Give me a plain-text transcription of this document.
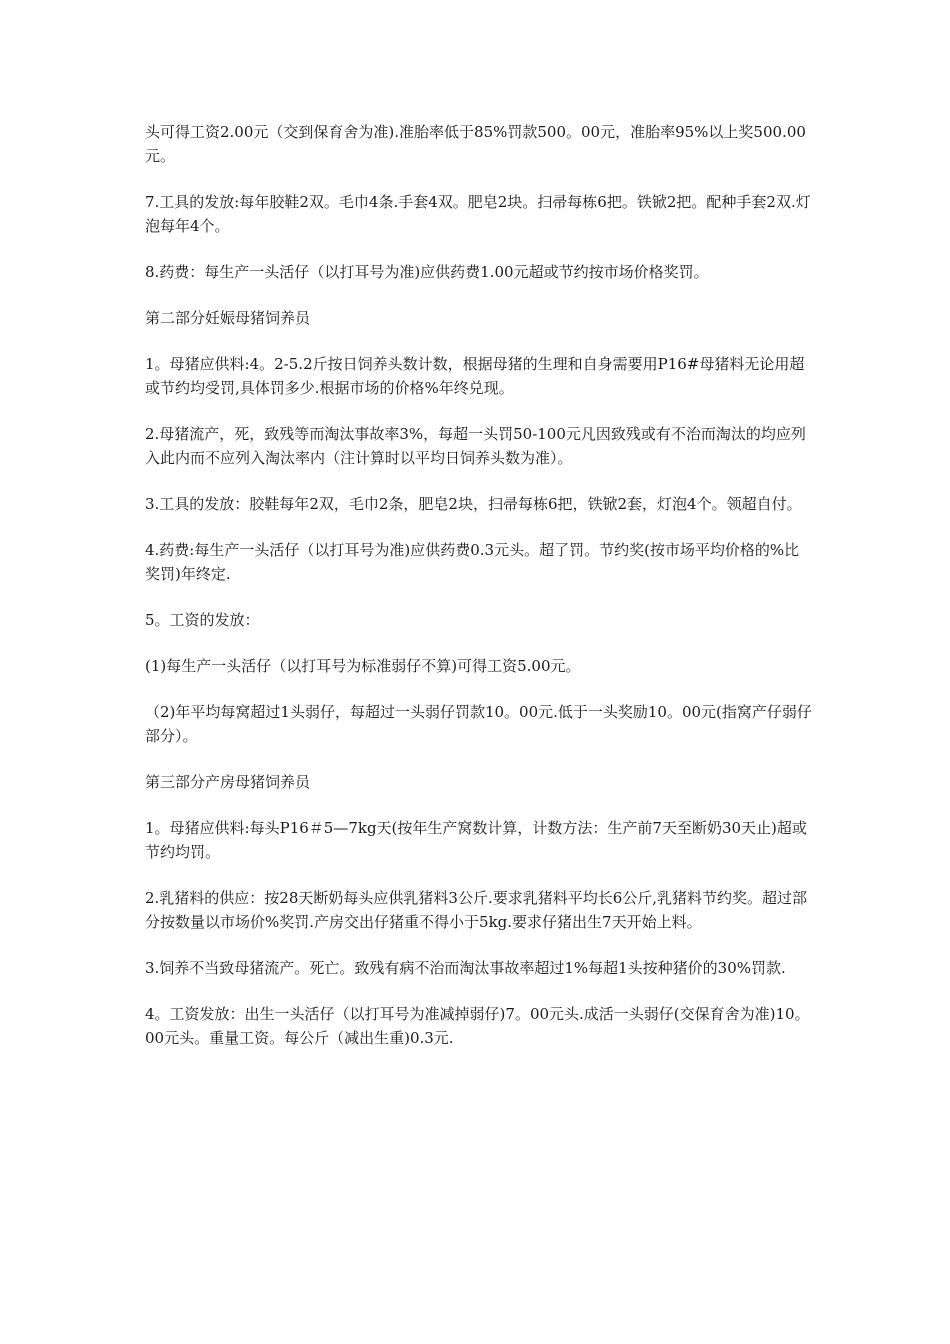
头可得工资2.00元（交到保育舍为准).准胎率低于85%罚款500。00元，准胎率95%以上奖500.00元。

7.工具的发放:每年胶鞋2双。毛巾4条.手套4双。肥皂2块。扫帚每栋6把。铁锨2把。配种手套2双.灯泡每年4个。

8.药费：每生产一头活仔（以打耳号为准)应供药费1.00元超或节约按市场价格奖罚。

第二部分妊娠母猪饲养员

1。母猪应供料:4。2-5.2斤按日饲养头数计数，根据母猪的生理和自身需要用P16#母猪料无论用超或节约均受罚,具体罚多少.根据市场的价格%年终兑现。

2.母猪流产，死，致残等而淘汰事故率3%，每超一头罚50-100元凡因致残或有不治而淘汰的均应列入此内而不应列入淘汰率内（注计算时以平均日饲养头数为准）。

3.工具的发放：胶鞋每年2双，毛巾2条，肥皂2块，扫帚每栋6把，铁锨2套，灯泡4个。领超自付。

4.药费:每生产一头活仔（以打耳号为准)应供药费0.3元头。超了罚。节约奖(按市场平均价格的%比奖罚)年终定.

5。工资的发放：

(1)每生产一头活仔（以打耳号为标准弱仔不算)可得工资5.00元。

（2)年平均每窝超过1头弱仔，每超过一头弱仔罚款10。00元.低于一头奖励10。00元(指窝产仔弱仔部分）。

第三部分产房母猪饲养员

1。母猪应供料:每头P16＃5—7kg天(按年生产窝数计算，计数方法：生产前7天至断奶30天止)超或节约均罚。

2.乳猪料的供应：按28天断奶每头应供乳猪料3公斤.要求乳猪料平均长6公斤,乳猪料节约奖。超过部分按数量以市场价%奖罚.产房交出仔猪重不得小于5kg.要求仔猪出生7天开始上料。

3.饲养不当致母猪流产。死亡。致残有病不治而淘汰事故率超过1%每超1头按种猪价的30%罚款.

4。工资发放：出生一头活仔（以打耳号为准减掉弱仔)7。00元头.成活一头弱仔(交保育舍为准)10。00元头。重量工资。每公斤（减出生重)0.3元.
